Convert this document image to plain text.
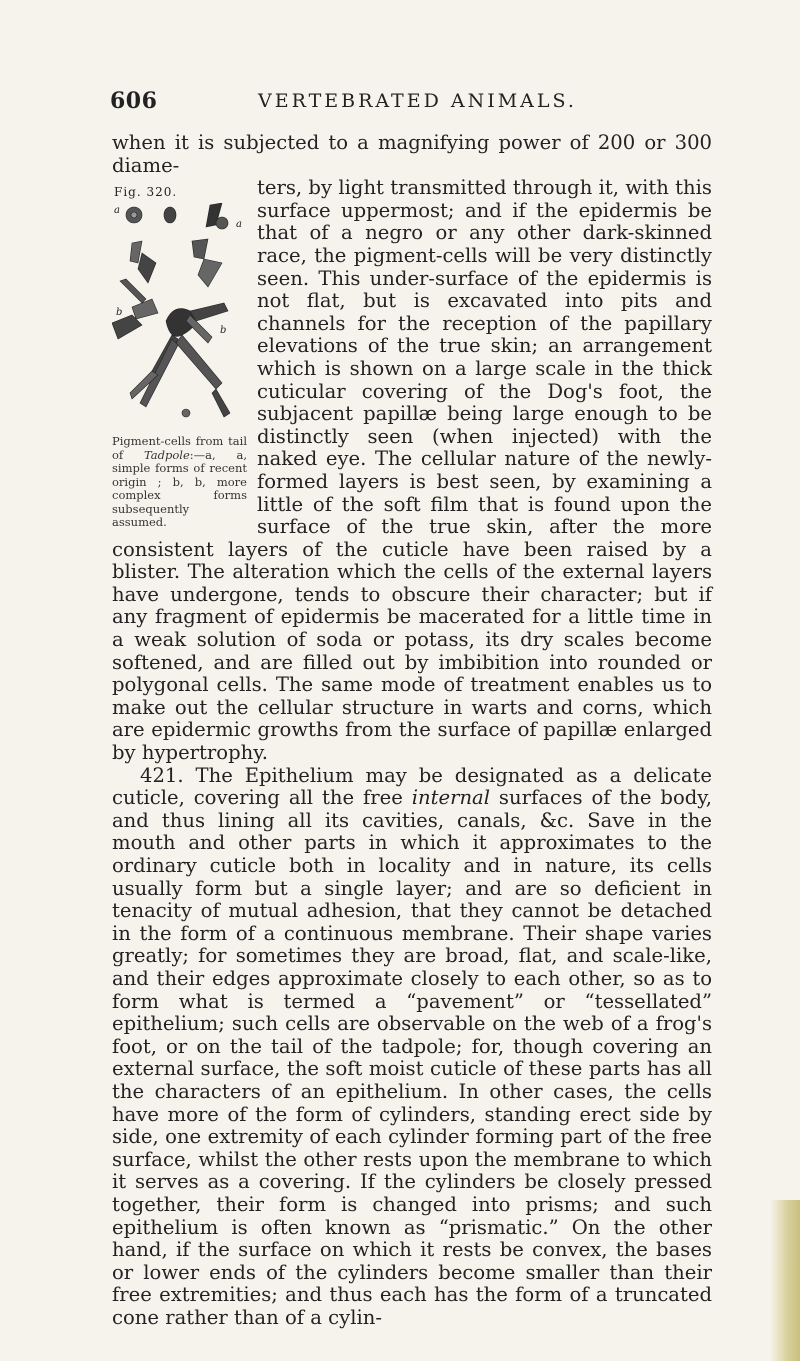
606	VERTEBRATED ANIMALS.

when it is subjected to a magnifying power of 200 or 300 diame-

Fig. 320.
a
a
b
b
Pigment-cells from tail of Tadpole:—a, a, simple forms of recent origin ; b, b, more complex forms subsequently assumed.

ters, by light transmitted through it, with this surface uppermost; and if the epidermis be that of a negro or any other dark-skinned race, the pigment-cells will be very distinctly seen. This under-surface of the epidermis is not flat, but is excavated into pits and channels for the reception of the papillary elevations of the true skin; an arrangement which is shown on a large scale in the thick cuticular covering of the Dog's foot, the subjacent papillæ being large enough to be distinctly seen (when injected) with the naked eye. The cellular nature of the newly-formed layers is best seen, by examining a little of the soft film that is found upon the surface of the true skin, after the more consistent layers of the cuticle have been raised by a blister. The alteration which the cells of the external layers have undergone, tends to obscure their character; but if any fragment of epidermis be macerated for a little time in a weak solution of soda or potass, its dry scales become softened, and are filled out by imbibition into rounded or polygonal cells. The same mode of treatment enables us to make out the cellular structure in warts and corns, which are epidermic growths from the surface of papillæ enlarged by hypertrophy.

421. The Epithelium may be designated as a delicate cuticle, covering all the free internal surfaces of the body, and thus lining all its cavities, canals, &c. Save in the mouth and other parts in which it approximates to the ordinary cuticle both in locality and in nature, its cells usually form but a single layer; and are so deficient in tenacity of mutual adhesion, that they cannot be detached in the form of a continuous membrane. Their shape varies greatly; for sometimes they are broad, flat, and scale-like, and their edges approximate closely to each other, so as to form what is termed a “pavement” or “tessellated” epithelium; such cells are observable on the web of a frog's foot, or on the tail of the tadpole; for, though covering an external surface, the soft moist cuticle of these parts has all the characters of an epithelium. In other cases, the cells have more of the form of cylinders, standing erect side by side, one extremity of each cylinder forming part of the free surface, whilst the other rests upon the membrane to which it serves as a covering. If the cylinders be closely pressed together, their form is changed into prisms; and such epithelium is often known as “prismatic.” On the other hand, if the surface on which it rests be convex, the bases or lower ends of the cylinders become smaller than their free extremities; and thus each has the form of a truncated cone rather than of a cylin-
